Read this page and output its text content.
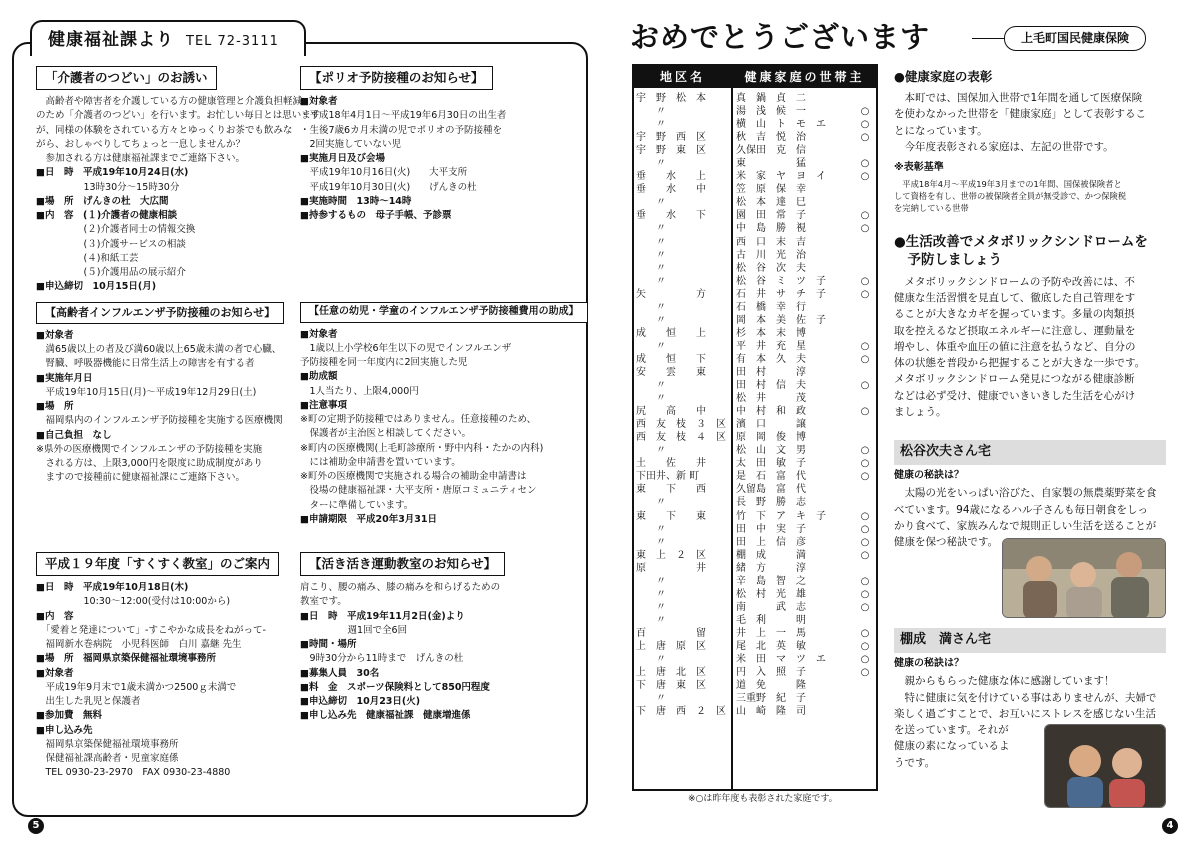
健康福祉課より TEL 72-3111
「介護者のつどい」のお誘い
　高齢者や障害者を介護している方の健康管理と介護負担軽減
のため「介護者のつどい」を行います。お忙しい毎日とは思います
が、同様の体験をされている方々とゆっくりお茶でも飲みな
がら、おしゃべりしてちょっと一息しませんか？
　参加される方は健康福祉課までご連絡下さい。
■日　時　平成19年10月24日(水)
　　　　　13時30分～15時30分
■場　所　げんきの杜　大広間
■内　容　(１)介護者の健康相談
　　　　　(２)介護者同士の情報交換
　　　　　(３)介護サービスの相談
　　　　　(４)和紙工芸
　　　　　(５)介護用品の展示紹介
■申込締切　10月15日(月)
【ポリオ予防接種のお知らせ】
■対象者
・平成18年4月1日～平成19年6月30日の出生者
・生後7歳6カ月未満の児でポリオの予防接種を
　2回実施していない児
■実施月日及び会場
　平成19年10月16日(火)　　大平支所
　平成19年10月30日(火)　　げんきの杜
■実施時間　13時～14時
■持参するもの　母子手帳、予診票
【高齢者インフルエンザ予防接種のお知らせ】
■対象者
　満65歳以上の者及び満60歳以上65歳未満の者で心臓、
　腎臓、呼吸器機能に日常生活上の障害を有する者
■実施年月日
　平成19年10月15日(月)～平成19年12月29日(土)
■場　所
　福岡県内のインフルエンザ予防接種を実施する医療機関
■自己負担　なし
※県外の医療機関でインフルエンザの予防接種を実施
　される方は、上限3,000円を限度に助成制度があり
　ますので接種前に健康福祉課にご連絡下さい。
【任意の幼児・学童のインフルエンザ予防接種費用の助成】
■対象者
　1歳以上小学校6年生以下の児でインフルエンザ
予防接種を同一年度内に2回実施した児
■助成額
　1人当たり、上限4,000円
■注意事項
※町の定期予防接種ではありません。任意接種のため、
　保護者が主治医と相談してください。
※町内の医療機関(上毛町診療所・野中内科・たかの内科)
　には補助金申請書を置いています。
※町外の医療機関で実施される場合の補助金申請書は
　役場の健康福祉課・大平支所・唐原コミュニティセン
　ターに準備しています。
■申請期限　平成20年3月31日
平成１９年度「すくすく教室」のご案内
■日　時　平成19年10月18日(木)
　　　　　10:30～12:00(受付は10:00から)
■内　容
　「愛着と発達について」-すこやかな成長をねがって-
　福岡新水巻病院　小児科医師　白川 嘉継 先生
■場　所　福岡県京築保健福祉環境事務所
■対象者
　平成19年9月末で1歳未満かつ2500ｇ未満で
　出生した乳児と保護者
■参加費　無料
■申し込み先
　福岡県京築保健福祉環境事務所
　保健福祉課高齢者・児童家庭係
　TEL 0930-23-2970　FAX 0930-23-4880
【活き活き運動教室のお知らせ】
肩こり、腰の痛み、膝の痛みを和らげるための
教室です。
■日　時　平成19年11月2日(金)より
　　　　　週1回で全6回
■時間・場所
　9時30分から11時まで　げんきの杜
■募集人員　30名
■料　金　スポーツ保険料として850円程度
■申込締切　10月23日(火)
■申し込み先　健康福祉課　健康増進係
5
おめでとうございます	上毛町国民健康保険
地区名	健康家庭の世帯主
宇　野　松　本
　　〃
　　〃
宇　野　西　区
宇　野　東　区
　　〃
垂　　水　　上
垂　　水　　中
　　〃
垂　　水　　下
　　〃
　　〃
　　〃
　　〃
　　〃
矢　　　　　方
　　〃
　　〃
成　　恒　　上
　　〃
成　　恒　　下
安　　雲　　東
　　〃
　　〃
尻　　高　　中
西　友　枝　３　区
西　友　枝　４　区
　　〃
土　　佐　　井
下田井、新 町
東　　下　　西
　　〃
東　　下　　東
　　〃
　　〃
東　上　２　区
原　　　　　井
　　〃
　　〃
　　〃
　　〃
百　　　　　留
上　唐　原　区
　　〃
上　唐　北　区
下　唐　東　区
　　〃
下　唐　西　２　区
真　鍋　貞　二
湯　浅　候　一
横　山　ト　モ　エ
秋　吉　悦　治
久保田　克　信
東　　　　　猛
米　家　ヤ　ヨ　イ
笠　原　保　幸
松　本　達　巳
園　田　常　子
中　島　勝　視
西　口　末　吉
古　川　光　治
松　谷　次　夫
松　谷　ミ　ツ　子
石　井　サ　チ　子
石　橋　幸　行
岡　本　美　佐　子
杉　本　末　博
平　井　充　星
有　本　久　夫
田　村　　　淳
田　村　信　夫
松　井　　　茂
中　村　和　政
濱　口　　　譲
原　岡　俊　博
松　山　文　男
太　田　敏　子
是　石　富　代
久留島　富　代
長　野　勝　志
竹　下　ア　キ　子
田　中　実　子
田　上　信　彦
棚　成　　　満
緒　方　　　淳
辛　島　智　之
松　村　光　雄
南　　　武　志
毛　利　　　明
井　上　一　馬
尾　北　英　敏
米　田　マ　ツ　エ
円　入　照　子
道　免　　　隆
三重野　紀　子
山　崎　隆　司
○
○
○
○
○
○
○
○
○
○
○
○
○
○
○
○
○
○
○
○
○
○
○
○
○
○
○
※○は昨年度も表彰された家庭です。
●健康家庭の表彰
　本町では、国保加入世帯で1年間を通して医療保険
を使わなかった世帯を「健康家庭」として表彰するこ
とになっています。
　今年度表彰される家庭は、左記の世帯です。
※表彰基準
　平成18年4月～平成19年3月までの1年間、国保被保険者と
して資格を有し、世帯の被保険者全員が無受診で、かつ保険税
を完納している世帯
●生活改善でメタボリックシンドロームを
　予防しましょう
　メタボリックシンドロームの予防や改善には、不
健康な生活習慣を見直して、徹底した自己管理をす
ることが大きなカギを握っています。多量の肉類摂
取を控えるなど摂取エネルギーに注意し、運動量を
増やし、体重や血圧の値に注意を払うなど、自分の
体の状態を普段から把握することが大きな一歩です。
メタボリックシンドローム発見につながる健康診断
などは必ず受け、健康でいきいきした生活を心がけ
ましょう。
松谷次夫さん宅
健康の秘訣は？
　太陽の光をいっぱい浴びた、自家製の無農薬野菜を食
べています。94歳になるハル子さんも毎日朝食をしっ
かり食べて、家族みんなで規則正しい生活を送ることが
健康を保つ秘訣です。
棚成　満さん宅
健康の秘訣は？
　親からもらった健康な体に感謝しています！
　特に健康に気を付けている事はありませんが、夫婦で
楽しく過ごすことで、お互いにストレスを感じない生活
を送っています。それが
健康の素になっているよ
うです。
4
